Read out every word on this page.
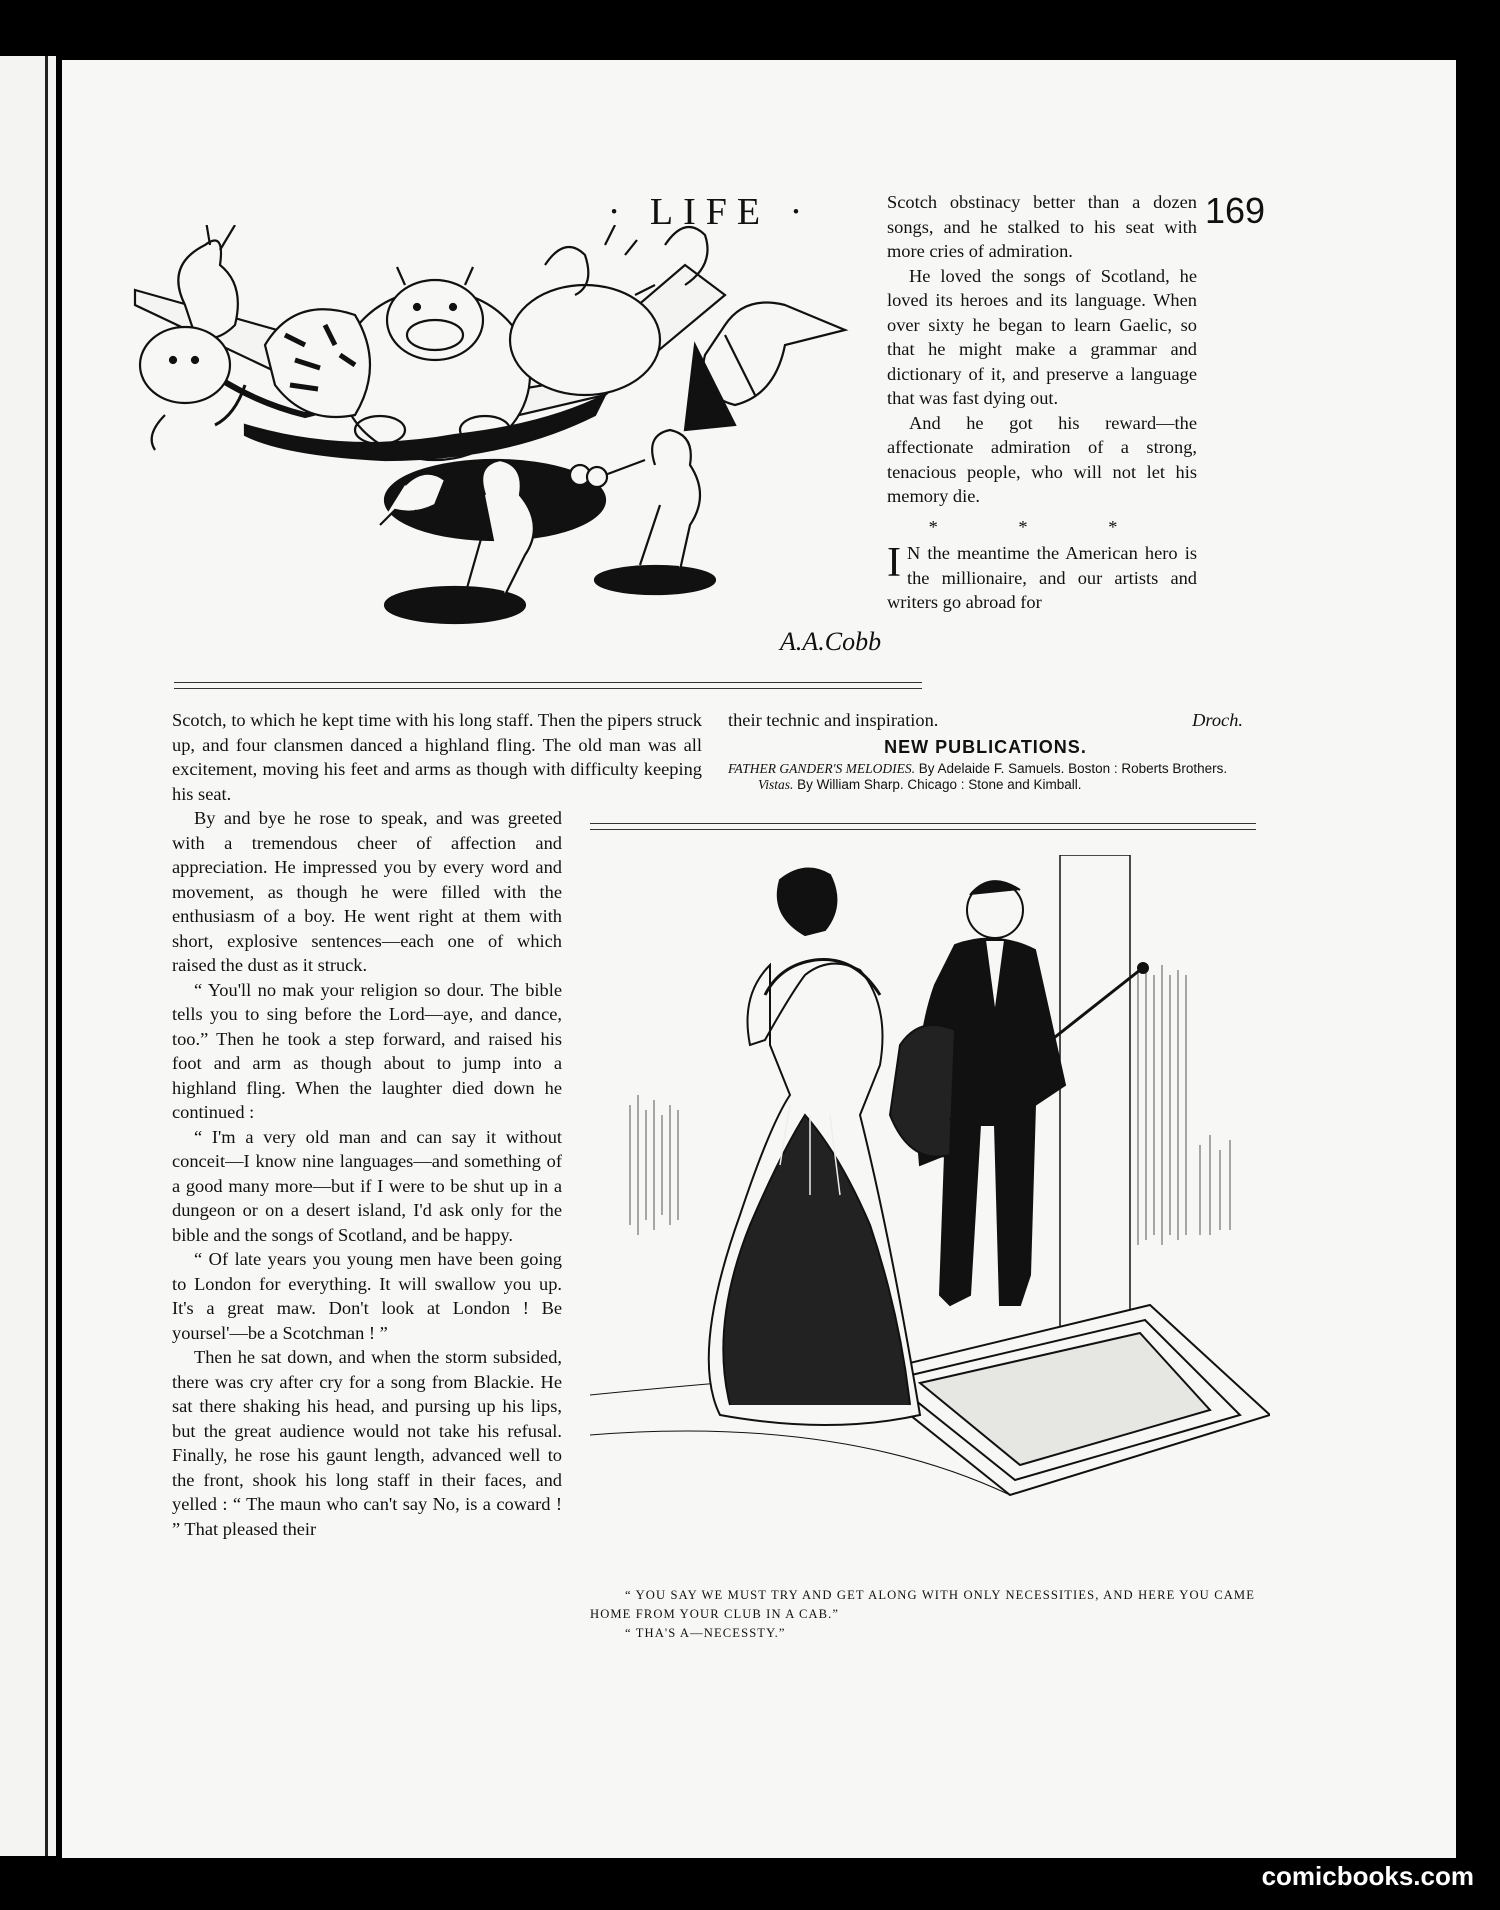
· LIFE ·	169
A.A.Cobb

Scotch obstinacy better than a dozen songs, and he stalked to his seat with more cries of admiration.

He loved the songs of Scotland, he loved its heroes and its language. When over sixty he began to learn Gaelic, so that he might make a grammar and dictionary of it, and preserve a language that was fast dying out.

And he got his reward—the affectionate admiration of a strong, tenacious people, who will not let his memory die.

* * *

I N the meantime the American hero is the millionaire, and our artists and writers go abroad for

Scotch, to which he kept time with his long staff. Then the pipers struck up, and four clansmen danced a highland fling. The old man was all excitement, moving his feet and arms as though with difficulty keeping his seat.

By and bye he rose to speak, and was greeted with a tremendous cheer of affection and appreciation. He impressed you by every word and movement, as though he were filled with the enthusiasm of a boy. He went right at them with short, explosive sentences—each one of which raised the dust as it struck.

“ You'll no mak your religion so dour. The bible tells you to sing before the Lord—aye, and dance, too.” Then he took a step forward, and raised his foot and arm as though about to jump into a highland fling. When the laughter died down he continued :

“ I'm a very old man and can say it without conceit—I know nine languages—and something of a good many more—but if I were to be shut up in a dungeon or on a desert island, I'd ask only for the bible and the songs of Scotland, and be happy.

“ Of late years you young men have been going to London for everything. It will swallow you up. It's a great maw. Don't look at London ! Be yoursel'—be a Scotchman ! ”

Then he sat down, and when the storm subsided, there was cry after cry for a song from Blackie. He sat there shaking his head, and pursing up his lips, but the great audience would not take his refusal. Finally, he rose his gaunt length, advanced well to the front, shook his long staff in their faces, and yelled : “ The maun who can't say No, is a coward ! ” That pleased their

their technic and inspiration.	Droch.

NEW PUBLICATIONS.
FATHER GANDER'S MELODIES. By Adelaide F. Samuels. Boston : Roberts Brothers.
Vistas. By William Sharp. Chicago : Stone and Kimball.
“ YOU SAY WE MUST TRY AND GET ALONG WITH ONLY NECESSITIES, AND HERE YOU CAME HOME FROM YOUR CLUB IN A CAB.”
“ THA'S A—NECESSTY.”
comicbooks.com
